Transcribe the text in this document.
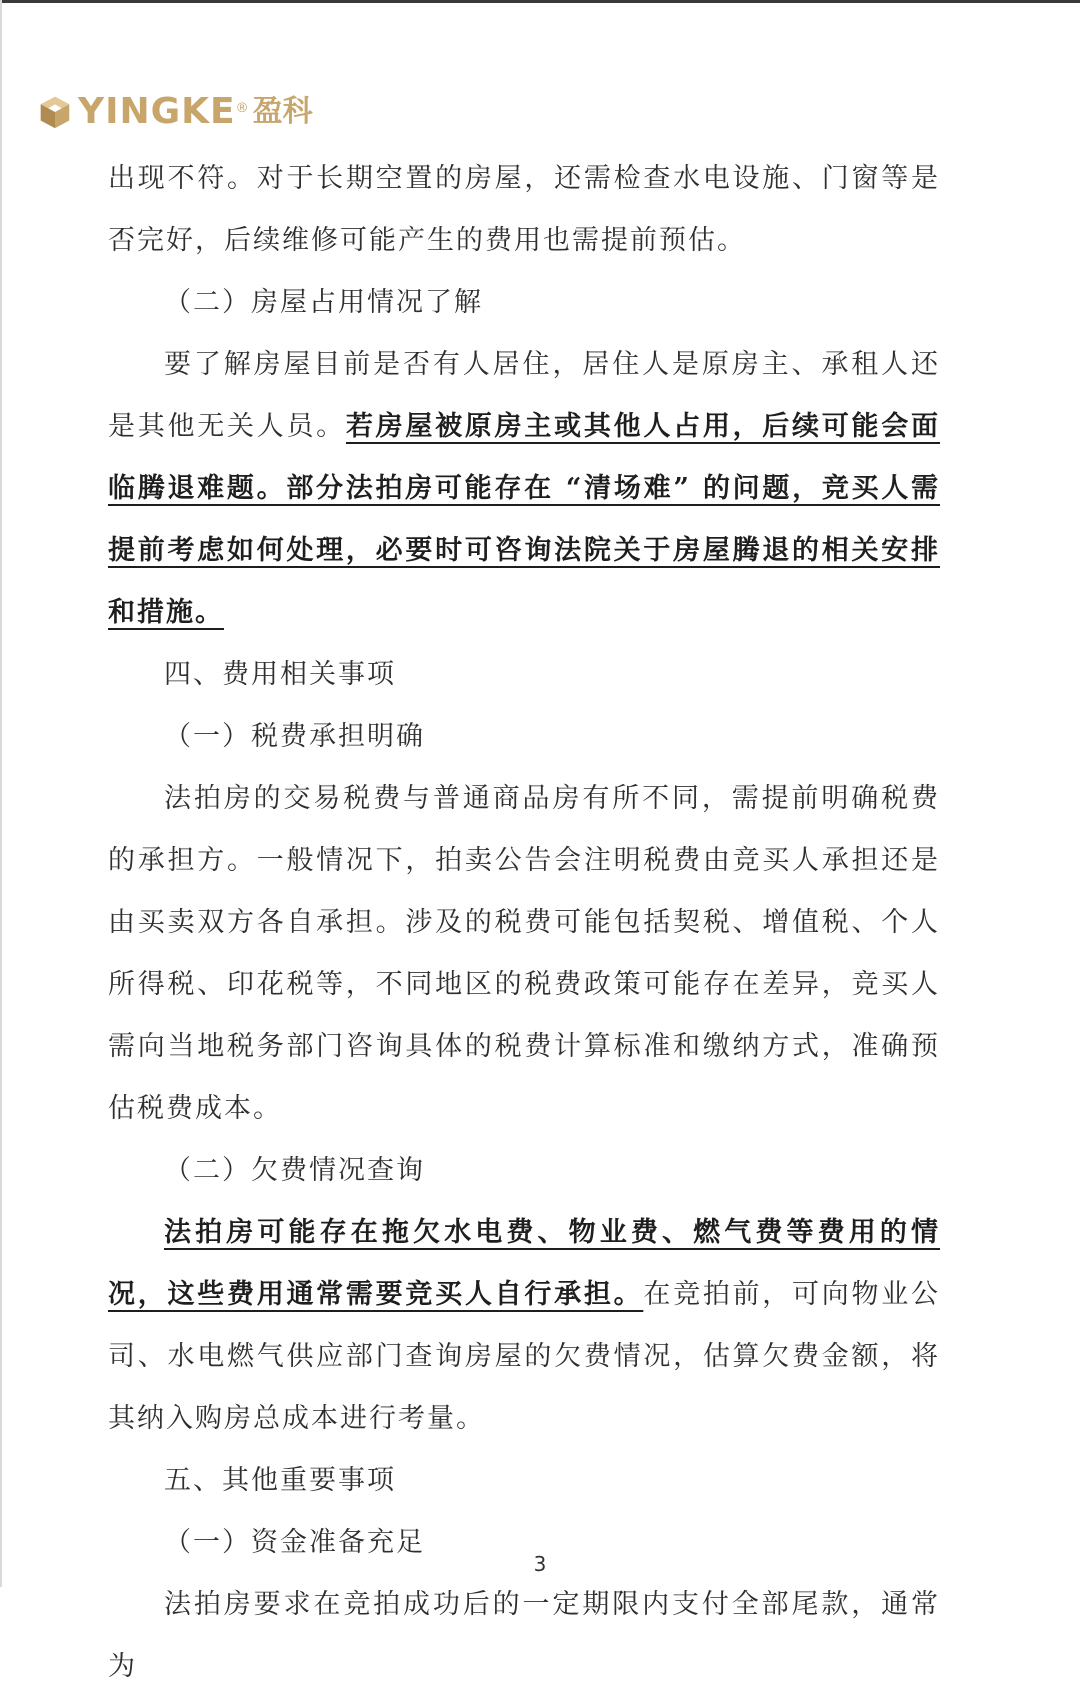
YINGKE ® 盈科

出现不符。对于长期空置的房屋，还需检查水电设施、门窗等是否完好，后续维修可能产生的费用也需提前预估。

（二）房屋占用情况了解

要了解房屋目前是否有人居住，居住人是原房主、承租人还是其他无关人员。若房屋被原房主或其他人占用，后续可能会面临腾退难题。部分法拍房可能存在 “清场难” 的问题，竞买人需提前考虑如何处理，必要时可咨询法院关于房屋腾退的相关安排和措施。

四、费用相关事项

（一）税费承担明确

法拍房的交易税费与普通商品房有所不同，需提前明确税费的承担方。一般情况下，拍卖公告会注明税费由竞买人承担还是由买卖双方各自承担。涉及的税费可能包括契税、增值税、个人所得税、印花税等，不同地区的税费政策可能存在差异，竞买人需向当地税务部门咨询具体的税费计算标准和缴纳方式，准确预估税费成本。

（二）欠费情况查询

法拍房可能存在拖欠水电费、物业费、燃气费等费用的情况，这些费用通常需要竞买人自行承担。在竞拍前，可向物业公司、水电燃气供应部门查询房屋的欠费情况，估算欠费金额，将其纳入购房总成本进行考量。

五、其他重要事项

（一）资金准备充足

法拍房要求在竞拍成功后的一定期限内支付全部尾款，通常为

3
